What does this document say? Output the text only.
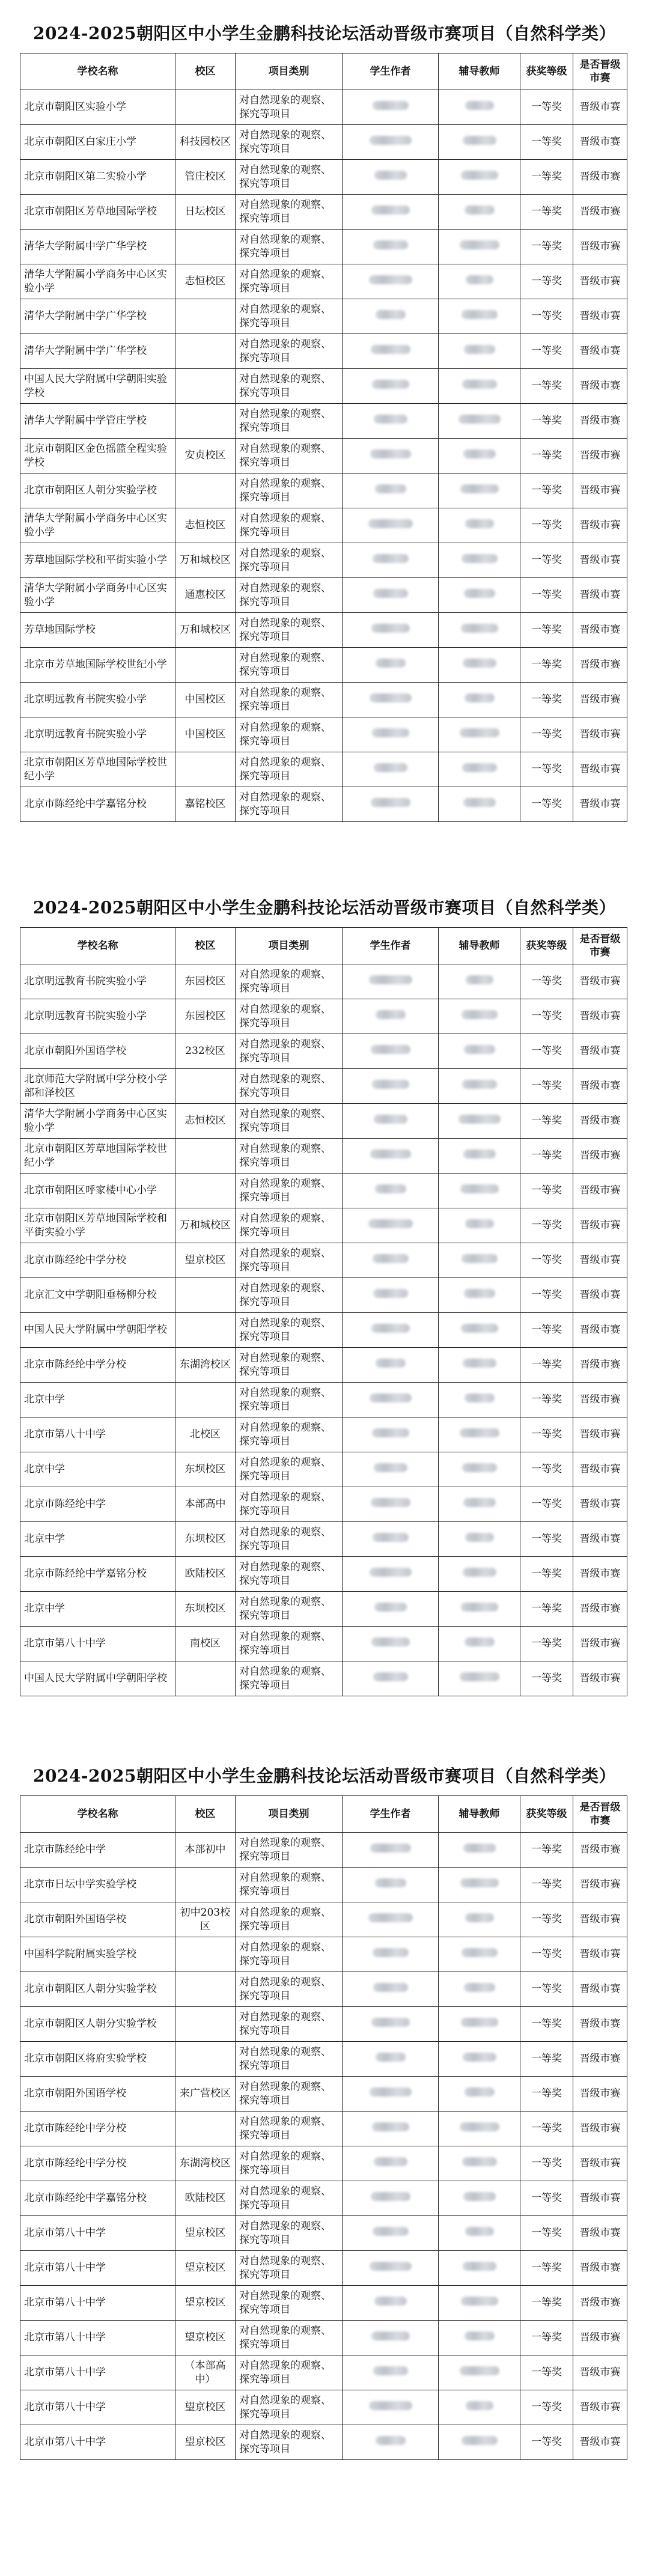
2024-2025朝阳区中小学生金鹏科技论坛活动晋级市赛项目（自然科学类）
学校名称	校区	项目类别	学生作者	辅导教师	获奖等级	是否晋级市赛
北京市朝阳区实验小学		对自然现象的观察、探究等项目			一等奖	晋级市赛
北京市朝阳区白家庄小学	科技园校区	对自然现象的观察、探究等项目			一等奖	晋级市赛
北京市朝阳区第二实验小学	管庄校区	对自然现象的观察、探究等项目			一等奖	晋级市赛
北京市朝阳区芳草地国际学校	日坛校区	对自然现象的观察、探究等项目			一等奖	晋级市赛
清华大学附属中学广华学校		对自然现象的观察、探究等项目			一等奖	晋级市赛
清华大学附属小学商务中心区实验小学	志恒校区	对自然现象的观察、探究等项目			一等奖	晋级市赛
清华大学附属中学广华学校		对自然现象的观察、探究等项目			一等奖	晋级市赛
清华大学附属中学广华学校		对自然现象的观察、探究等项目			一等奖	晋级市赛
中国人民大学附属中学朝阳实验学校		对自然现象的观察、探究等项目			一等奖	晋级市赛
清华大学附属中学管庄学校		对自然现象的观察、探究等项目			一等奖	晋级市赛
北京市朝阳区金色摇篮全程实验学校	安贞校区	对自然现象的观察、探究等项目			一等奖	晋级市赛
北京市朝阳区人朝分实验学校		对自然现象的观察、探究等项目			一等奖	晋级市赛
清华大学附属小学商务中心区实验小学	志恒校区	对自然现象的观察、探究等项目			一等奖	晋级市赛
芳草地国际学校和平街实验小学	万和城校区	对自然现象的观察、探究等项目			一等奖	晋级市赛
清华大学附属小学商务中心区实验小学	通惠校区	对自然现象的观察、探究等项目			一等奖	晋级市赛
芳草地国际学校	万和城校区	对自然现象的观察、探究等项目			一等奖	晋级市赛
北京市芳草地国际学校世纪小学		对自然现象的观察、探究等项目			一等奖	晋级市赛
北京明远教育书院实验小学	中国校区	对自然现象的观察、探究等项目			一等奖	晋级市赛
北京明远教育书院实验小学	中国校区	对自然现象的观察、探究等项目			一等奖	晋级市赛
北京市朝阳区芳草地国际学校世纪小学		对自然现象的观察、探究等项目			一等奖	晋级市赛
北京市陈经纶中学嘉铭分校	嘉铭校区	对自然现象的观察、探究等项目			一等奖	晋级市赛
2024-2025朝阳区中小学生金鹏科技论坛活动晋级市赛项目（自然科学类）
学校名称	校区	项目类别	学生作者	辅导教师	获奖等级	是否晋级市赛
北京明远教育书院实验小学	东园校区	对自然现象的观察、探究等项目			一等奖	晋级市赛
北京明远教育书院实验小学	东园校区	对自然现象的观察、探究等项目			一等奖	晋级市赛
北京市朝阳外国语学校	232校区	对自然现象的观察、探究等项目			一等奖	晋级市赛
北京师范大学附属中学分校小学部和泽校区		对自然现象的观察、探究等项目			一等奖	晋级市赛
清华大学附属小学商务中心区实验小学	志恒校区	对自然现象的观察、探究等项目			一等奖	晋级市赛
北京市朝阳区芳草地国际学校世纪小学		对自然现象的观察、探究等项目			一等奖	晋级市赛
北京市朝阳区呼家楼中心小学		对自然现象的观察、探究等项目			一等奖	晋级市赛
北京市朝阳区芳草地国际学校和平街实验小学	万和城校区	对自然现象的观察、探究等项目			一等奖	晋级市赛
北京市陈经纶中学分校	望京校区	对自然现象的观察、探究等项目			一等奖	晋级市赛
北京汇文中学朝阳垂杨柳分校		对自然现象的观察、探究等项目			一等奖	晋级市赛
中国人民大学附属中学朝阳学校		对自然现象的观察、探究等项目			一等奖	晋级市赛
北京市陈经纶中学分校	东湖湾校区	对自然现象的观察、探究等项目			一等奖	晋级市赛
北京中学		对自然现象的观察、探究等项目			一等奖	晋级市赛
北京市第八十中学	北校区	对自然现象的观察、探究等项目			一等奖	晋级市赛
北京中学	东坝校区	对自然现象的观察、探究等项目			一等奖	晋级市赛
北京市陈经纶中学	本部高中	对自然现象的观察、探究等项目			一等奖	晋级市赛
北京中学	东坝校区	对自然现象的观察、探究等项目			一等奖	晋级市赛
北京市陈经纶中学嘉铭分校	欧陆校区	对自然现象的观察、探究等项目			一等奖	晋级市赛
北京中学	东坝校区	对自然现象的观察、探究等项目			一等奖	晋级市赛
北京市第八十中学	南校区	对自然现象的观察、探究等项目			一等奖	晋级市赛
中国人民大学附属中学朝阳学校		对自然现象的观察、探究等项目			一等奖	晋级市赛
2024-2025朝阳区中小学生金鹏科技论坛活动晋级市赛项目（自然科学类）
学校名称	校区	项目类别	学生作者	辅导教师	获奖等级	是否晋级市赛
北京市陈经纶中学	本部初中	对自然现象的观察、探究等项目			一等奖	晋级市赛
北京市日坛中学实验学校		对自然现象的观察、探究等项目			一等奖	晋级市赛
北京市朝阳外国语学校	初中203校区	对自然现象的观察、探究等项目			一等奖	晋级市赛
中国科学院附属实验学校		对自然现象的观察、探究等项目			一等奖	晋级市赛
北京市朝阳区人朝分实验学校		对自然现象的观察、探究等项目			一等奖	晋级市赛
北京市朝阳区人朝分实验学校		对自然现象的观察、探究等项目			一等奖	晋级市赛
北京市朝阳区将府实验学校		对自然现象的观察、探究等项目			一等奖	晋级市赛
北京市朝阳外国语学校	来广营校区	对自然现象的观察、探究等项目			一等奖	晋级市赛
北京市陈经纶中学分校		对自然现象的观察、探究等项目			一等奖	晋级市赛
北京市陈经纶中学分校	东湖湾校区	对自然现象的观察、探究等项目			一等奖	晋级市赛
北京市陈经纶中学嘉铭分校	欧陆校区	对自然现象的观察、探究等项目			一等奖	晋级市赛
北京市第八十中学	望京校区	对自然现象的观察、探究等项目			一等奖	晋级市赛
北京市第八十中学	望京校区	对自然现象的观察、探究等项目			一等奖	晋级市赛
北京市第八十中学	望京校区	对自然现象的观察、探究等项目			一等奖	晋级市赛
北京市第八十中学	望京校区	对自然现象的观察、探究等项目			一等奖	晋级市赛
北京市第八十中学	（本部高中）	对自然现象的观察、探究等项目			一等奖	晋级市赛
北京市第八十中学	望京校区	对自然现象的观察、探究等项目			一等奖	晋级市赛
北京市第八十中学	望京校区	对自然现象的观察、探究等项目			一等奖	晋级市赛
